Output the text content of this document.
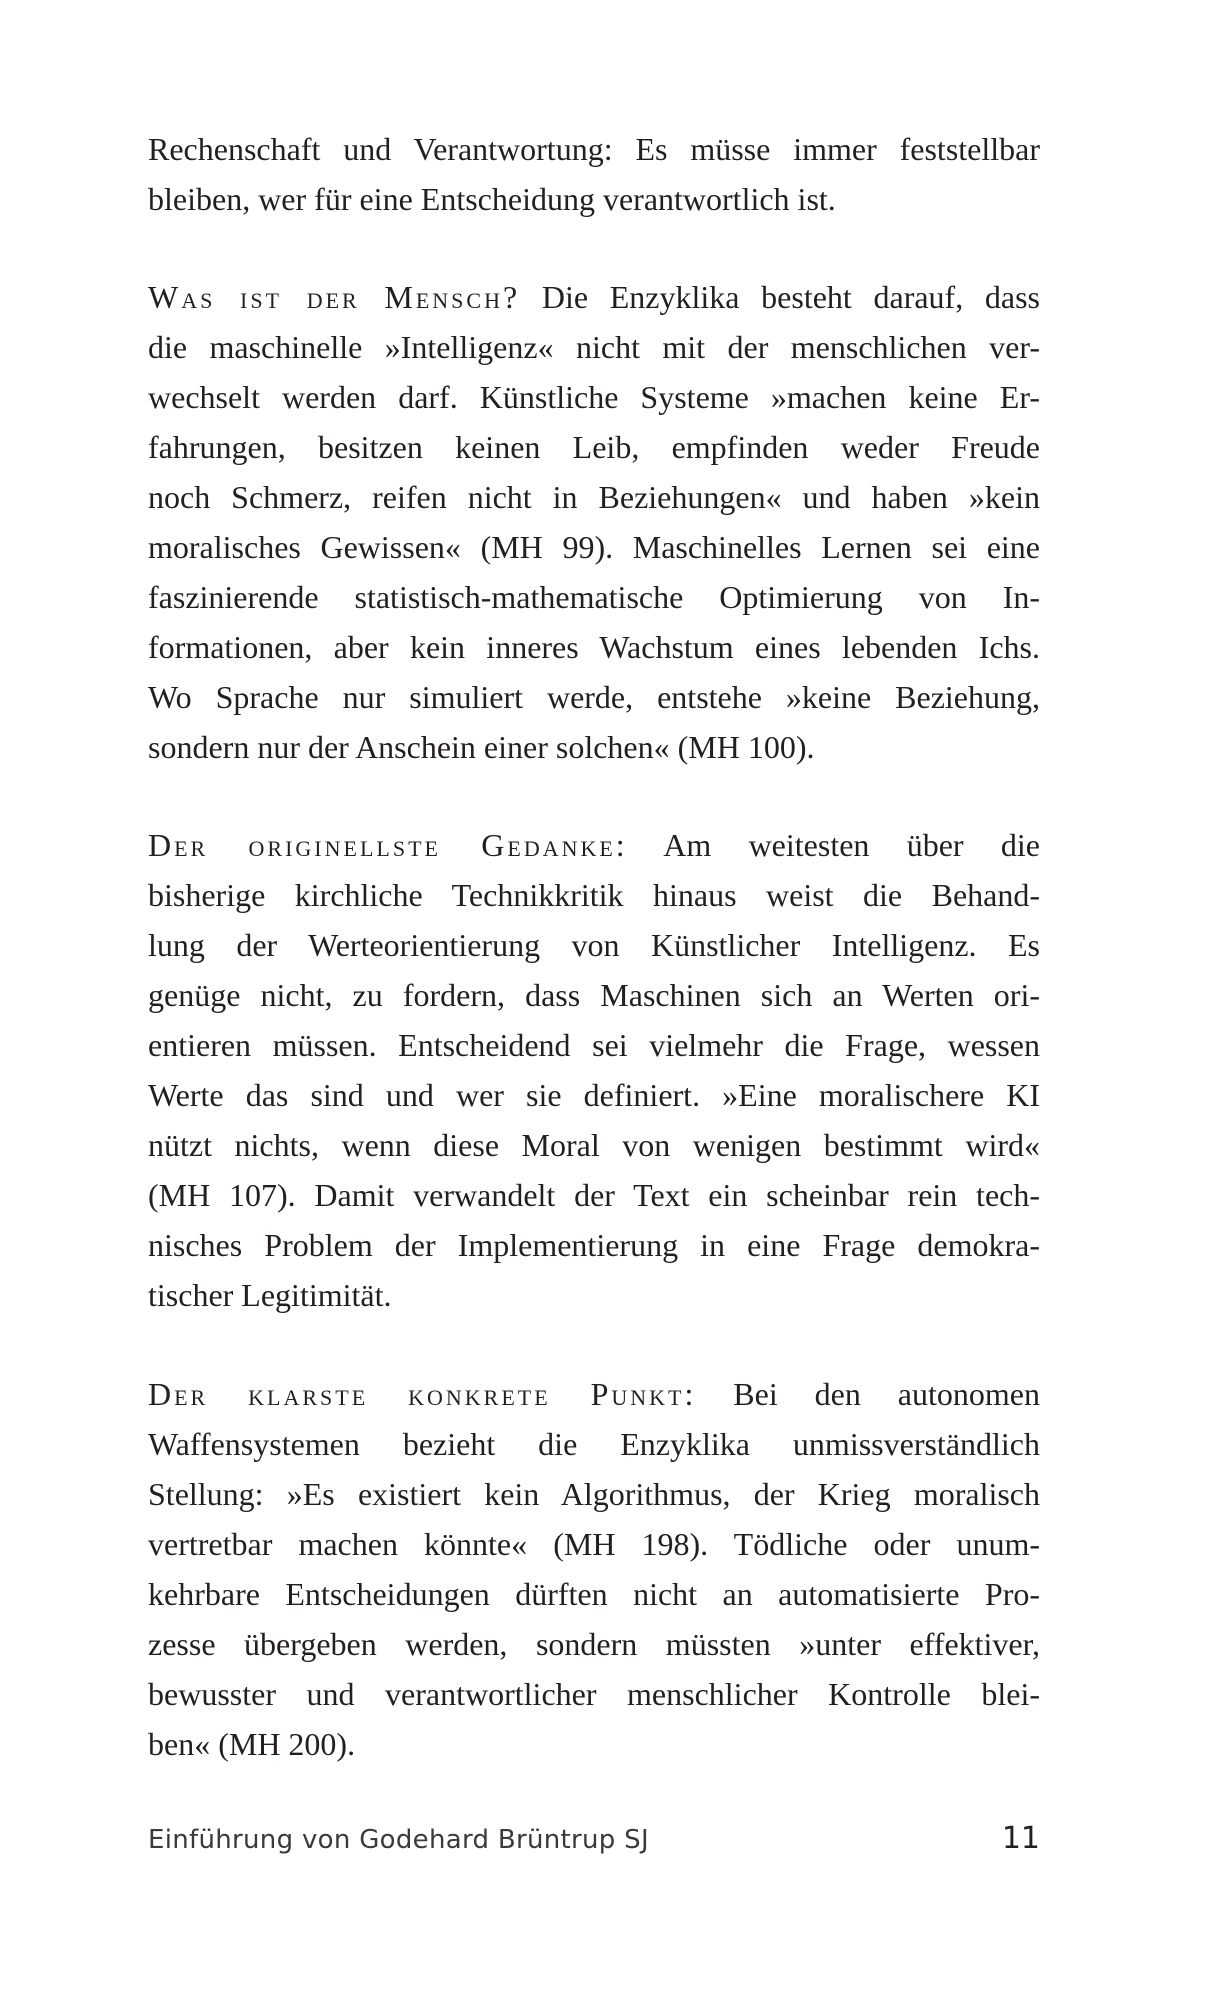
Rechenschaft und Verantwortung: Es müsse immer feststellbar
bleiben, wer für eine Entscheidung verantwortlich ist.
Was ist der Mensch? Die Enzyklika besteht darauf, dass
die maschinelle »Intelligenz« nicht mit der menschlichen ver-
wechselt werden darf. Künstliche Systeme »machen keine Er-
fahrungen, besitzen keinen Leib, empfinden weder Freude
noch Schmerz, reifen nicht in Beziehungen« und haben »kein
moralisches Gewissen« (MH 99). Maschinelles Lernen sei eine
faszinierende statistisch-mathematische Optimierung von In-
formationen, aber kein inneres Wachstum eines lebenden Ichs.
Wo Sprache nur simuliert werde, entstehe »keine Beziehung,
sondern nur der Anschein einer solchen« (MH 100).
Der originellste Gedanke: Am weitesten über die
bisherige kirchliche Technikkritik hinaus weist die Behand-
lung der Werteorientierung von Künstlicher Intelligenz. Es
genüge nicht, zu fordern, dass Maschinen sich an Werten ori-
entieren müssen. Entscheidend sei vielmehr die Frage, wessen
Werte das sind und wer sie definiert. »Eine moralischere KI
nützt nichts, wenn diese Moral von wenigen bestimmt wird«
(MH 107). Damit verwandelt der Text ein scheinbar rein tech-
nisches Problem der Implementierung in eine Frage demokra-
tischer Legitimität.
Der klarste konkrete Punkt: Bei den autonomen
Waffensystemen bezieht die Enzyklika unmissverständlich
Stellung: »Es existiert kein Algorithmus, der Krieg moralisch
vertretbar machen könnte« (MH 198). Tödliche oder unum-
kehrbare Entscheidungen dürften nicht an automatisierte Pro-
zesse übergeben werden, sondern müssten »unter effektiver,
bewusster und verantwortlicher menschlicher Kontrolle blei-
ben« (MH 200).
Einführung von Godehard Brüntrup SJ	11
